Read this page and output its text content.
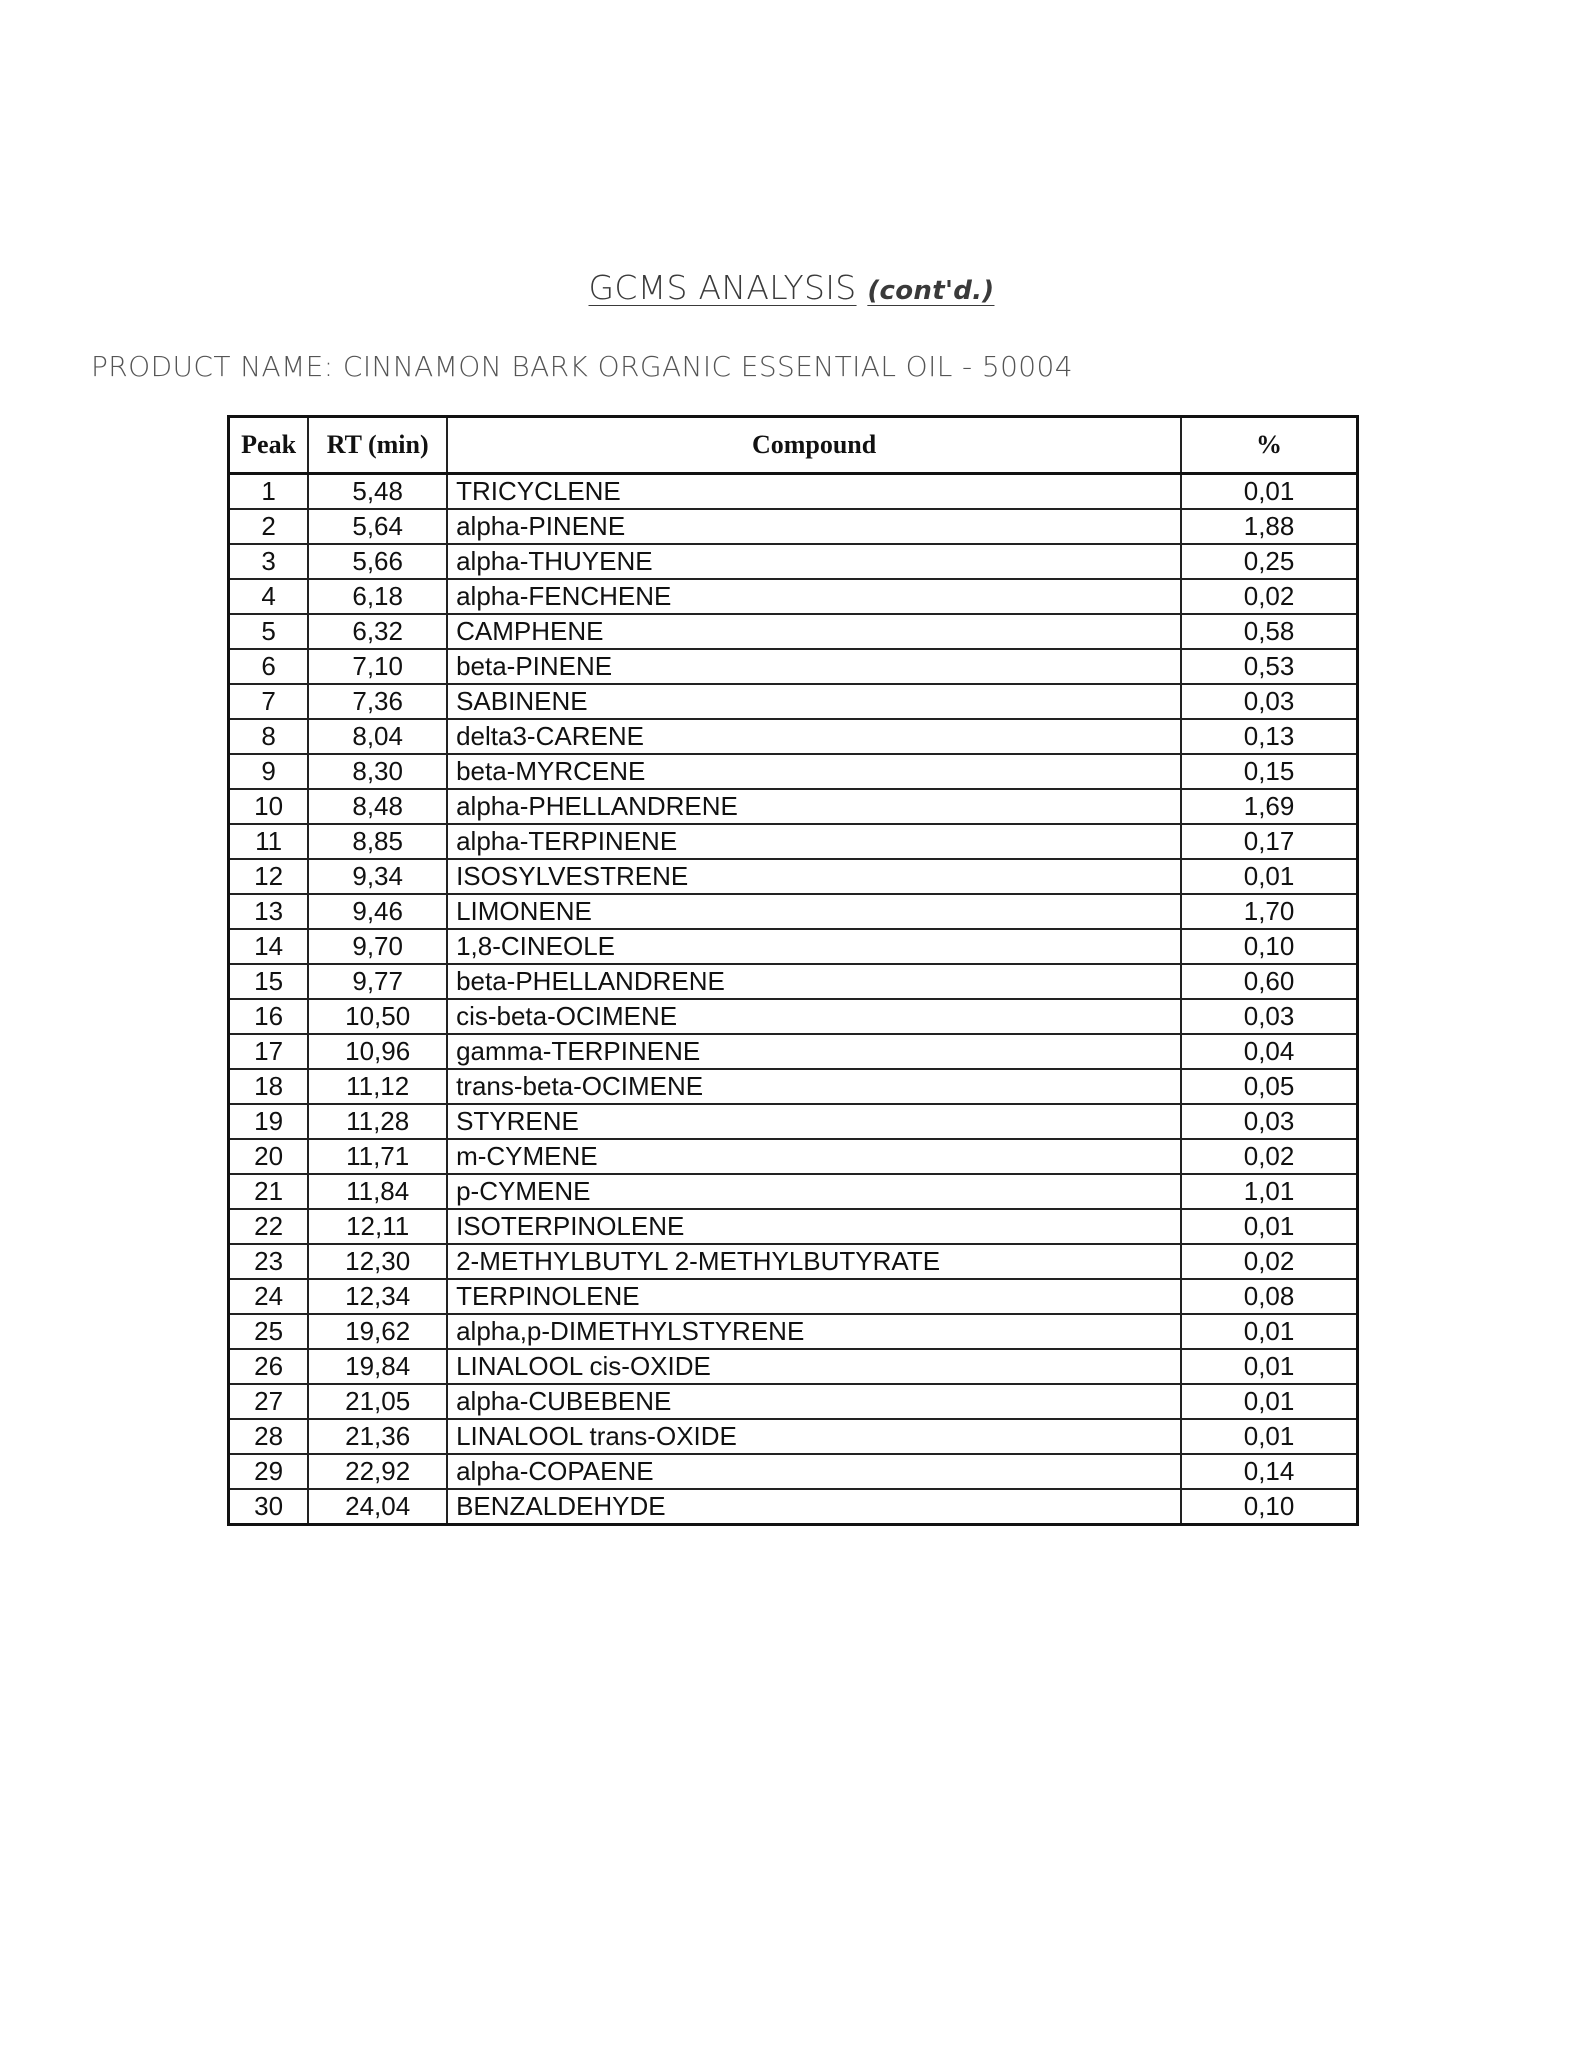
GCMS ANALYSIS (cont'd.)
PRODUCT NAME: CINNAMON BARK ORGANIC ESSENTIAL OIL - 50004
Peak	RT (min)	Compound	%
1	5,48	TRICYCLENE	0,01
2	5,64	alpha-PINENE	1,88
3	5,66	alpha-THUYENE	0,25
4	6,18	alpha-FENCHENE	0,02
5	6,32	CAMPHENE	0,58
6	7,10	beta-PINENE	0,53
7	7,36	SABINENE	0,03
8	8,04	delta3-CARENE	0,13
9	8,30	beta-MYRCENE	0,15
10	8,48	alpha-PHELLANDRENE	1,69
11	8,85	alpha-TERPINENE	0,17
12	9,34	ISOSYLVESTRENE	0,01
13	9,46	LIMONENE	1,70
14	9,70	1,8-CINEOLE	0,10
15	9,77	beta-PHELLANDRENE	0,60
16	10,50	cis-beta-OCIMENE	0,03
17	10,96	gamma-TERPINENE	0,04
18	11,12	trans-beta-OCIMENE	0,05
19	11,28	STYRENE	0,03
20	11,71	m-CYMENE	0,02
21	11,84	p-CYMENE	1,01
22	12,11	ISOTERPINOLENE	0,01
23	12,30	2-METHYLBUTYL 2-METHYLBUTYRATE	0,02
24	12,34	TERPINOLENE	0,08
25	19,62	alpha,p-DIMETHYLSTYRENE	0,01
26	19,84	LINALOOL cis-OXIDE	0,01
27	21,05	alpha-CUBEBENE	0,01
28	21,36	LINALOOL trans-OXIDE	0,01
29	22,92	alpha-COPAENE	0,14
30	24,04	BENZALDEHYDE	0,10
